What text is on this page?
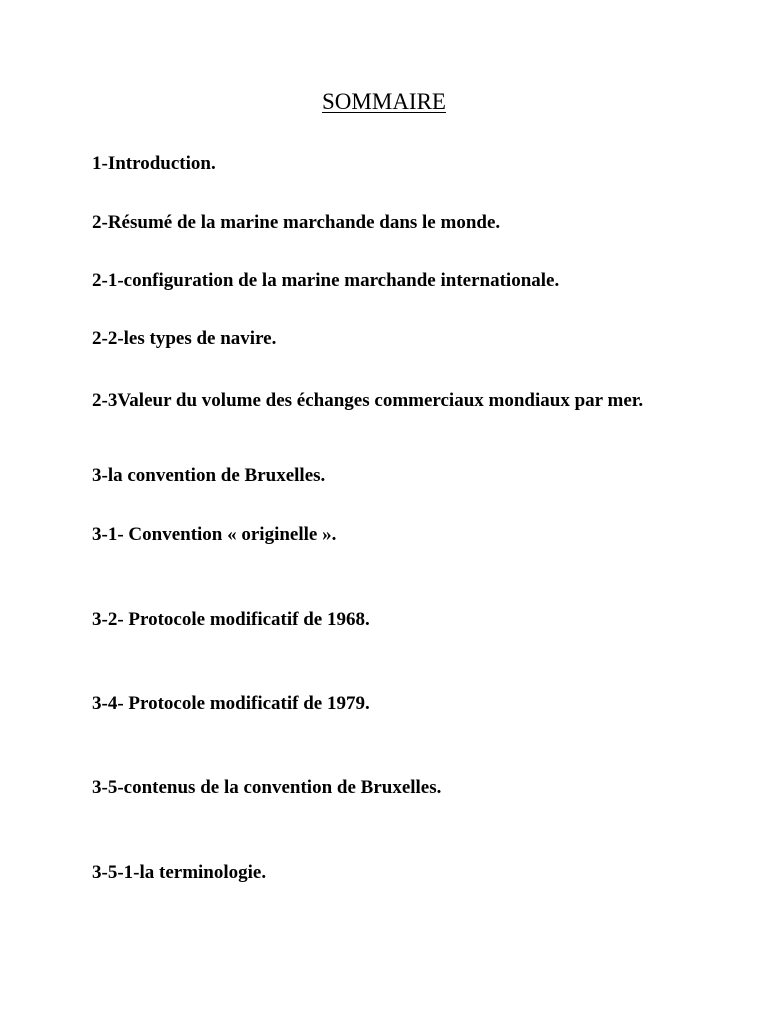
SOMMAIRE

1-Introduction.

2-Résumé de la marine marchande dans le monde.

2-1-configuration de la marine marchande internationale.

2-2-les types de navire.

2-3Valeur du volume des échanges commerciaux mondiaux par mer.

3-la convention de Bruxelles.

3-1- Convention « originelle ».

3-2- Protocole modificatif de 1968.

3-4- Protocole modificatif de 1979.

3-5-contenus de la convention de Bruxelles.

3-5-1-la terminologie.
